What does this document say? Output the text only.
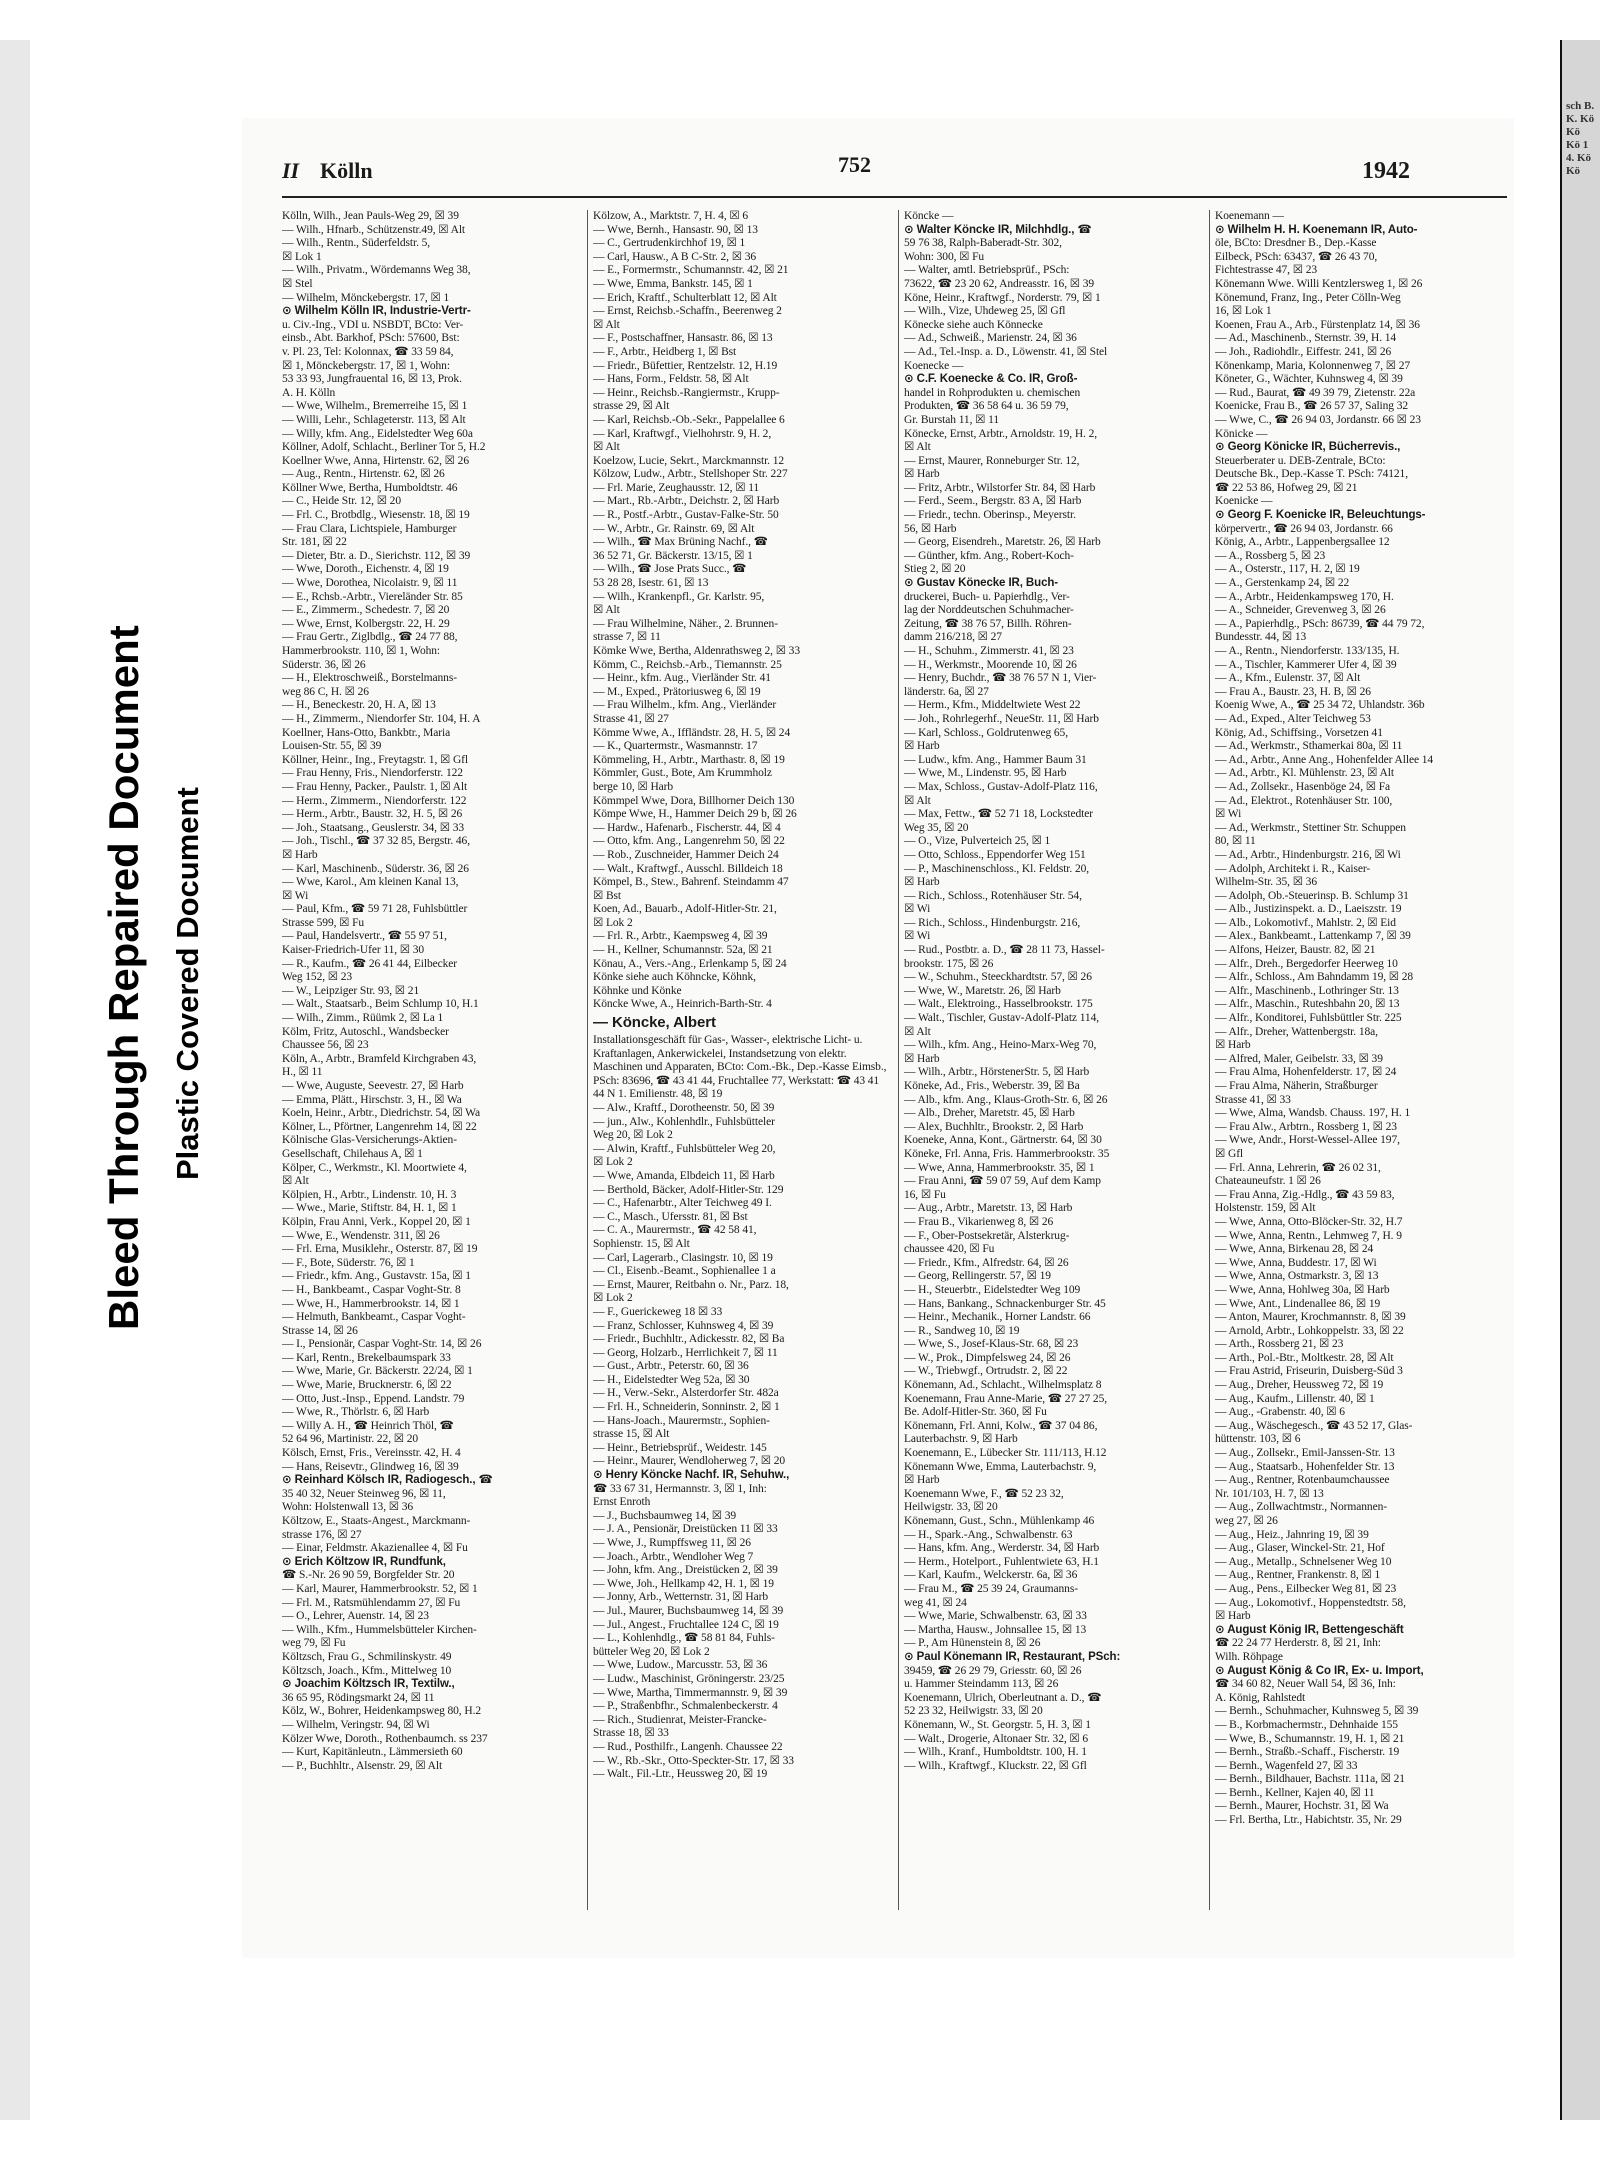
sch B. K. Kö Kö Kö 1 4. Kö Kö
Bleed Through Repaired Document Plastic Covered Document
II Kölln	752	1942
Kölln, Wilh., Jean Pauls-Weg 29, ☒ 39
— Wilh., Hfnarb., Schützenstr.49, ☒ Alt
— Wilh., Rentn., Süderfeldstr. 5,
☒ Lok 1
— Wilh., Privatm., Wördemanns Weg 38,
☒ Stel
— Wilhelm, Mönckebergstr. 17, ☒ 1
⊙ Wilhelm Kölln IR, Industrie-Vertr-
u. Civ.-Ing., VDI u. NSBDT, BCto: Ver-
einsb., Abt. Barkhof, PSch: 57600, Bst:
v. Pl. 23, Tel: Kolonnax, ☎ 33 59 84,
☒ 1, Mönckebergstr. 17, ☒ 1, Wohn:
53 33 93, Jungfrauental 16, ☒ 13, Prok.
A. H. Kölln
— Wwe, Wilhelm., Bremerreihe 15, ☒ 1
— Willi, Lehr., Schlageterstr. 113, ☒ Alt
— Willy, kfm. Ang., Eidelstedter Weg 60a
Köllner, Adolf, Schlacht., Berliner Tor 5, H.2
Koellner Wwe, Anna, Hirtenstr. 62, ☒ 26
— Aug., Rentn., Hirtenstr. 62, ☒ 26
Köllner Wwe, Bertha, Humboldtstr. 46
— C., Heide Str. 12, ☒ 20
— Frl. C., Brotbdlg., Wiesenstr. 18, ☒ 19
— Frau Clara, Lichtspiele, Hamburger
Str. 181, ☒ 22
— Dieter, Btr. a. D., Sierichstr. 112, ☒ 39
— Wwe, Doroth., Eichenstr. 4, ☒ 19
— Wwe, Dorothea, Nicolaistr. 9, ☒ 11
— E., Rchsb.-Arbtr., Viereländer Str. 85
— E., Zimmerm., Schedestr. 7, ☒ 20
— Wwe, Ernst, Kolbergstr. 22, H. 29
— Frau Gertr., Ziglbdlg., ☎ 24 77 88,
Hammerbrookstr. 110, ☒ 1, Wohn:
Süderstr. 36, ☒ 26
— H., Elektroschweiß., Borstelmanns-
weg 86 C, H. ☒ 26
— H., Beneckestr. 20, H. A, ☒ 13
— H., Zimmerm., Niendorfer Str. 104, H. A
Koellner, Hans-Otto, Bankbtr., Maria
Louisen-Str. 55, ☒ 39
Köllner, Heinr., Ing., Freytagstr. 1, ☒ Gfl
— Frau Henny, Fris., Niendorferstr. 122
— Frau Henny, Packer., Paulstr. 1, ☒ Alt
— Herm., Zimmerm., Niendorferstr. 122
— Herm., Arbtr., Baustr. 32, H. 5, ☒ 26
— Joh., Staatsang., Geuslerstr. 34, ☒ 33
— Joh., Tischl., ☎ 37 32 85, Bergstr. 46,
☒ Harb
— Karl, Maschinenb., Süderstr. 36, ☒ 26
— Wwe, Karol., Am kleinen Kanal 13,
☒ Wi
— Paul, Kfm., ☎ 59 71 28, Fuhlsbüttler
Strasse 599, ☒ Fu
— Paul, Handelsvertr., ☎ 55 97 51,
Kaiser-Friedrich-Ufer 11, ☒ 30
— R., Kaufm., ☎ 26 41 44, Eilbecker
Weg 152, ☒ 23
— W., Leipziger Str. 93, ☒ 21
— Walt., Staatsarb., Beim Schlump 10, H.1
— Wilh., Zimm., Rüümk 2, ☒ La 1
Kölm, Fritz, Autoschl., Wandsbecker
Chaussee 56, ☒ 23
Köln, A., Arbtr., Bramfeld Kirchgraben 43,
H., ☒ 11
— Wwe, Auguste, Seevestr. 27, ☒ Harb
— Emma, Plätt., Hirschstr. 3, H., ☒ Wa
Koeln, Heinr., Arbtr., Diedrichstr. 54, ☒ Wa
Kölner, L., Pförtner, Langenrehm 14, ☒ 22
Kölnische Glas-Versicherungs-Aktien-
Gesellschaft, Chilehaus A, ☒ 1
Kölper, C., Werkmstr., Kl. Moortwiete 4,
☒ Alt
Kölpien, H., Arbtr., Lindenstr. 10, H. 3
— Wwe., Marie, Stiftstr. 84, H. 1, ☒ 1
Kölpin, Frau Anni, Verk., Koppel 20, ☒ 1
— Wwe, E., Wendenstr. 311, ☒ 26
— Frl. Erna, Musiklehr., Osterstr. 87, ☒ 19
— F., Bote, Süderstr. 76, ☒ 1
— Friedr., kfm. Ang., Gustavstr. 15a, ☒ 1
— H., Bankbeamt., Caspar Voght-Str. 8
— Wwe, H., Hammerbrookstr. 14, ☒ 1
— Helmuth, Bankbeamt., Caspar Voght-
Strasse 14, ☒ 26
— I., Pensionär, Caspar Voght-Str. 14, ☒ 26
— Karl, Rentn., Brekelbaumspark 33
— Wwe, Marie, Gr. Bäckerstr. 22/24, ☒ 1
— Wwe, Marie, Brucknerstr. 6, ☒ 22
— Otto, Just.-Insp., Eppend. Landstr. 79
— Wwe, R., Thörlstr. 6, ☒ Harb
— Willy A. H., ☎ Heinrich Thöl, ☎
52 64 96, Martinistr. 22, ☒ 20
Kölsch, Ernst, Fris., Vereinsstr. 42, H. 4
— Hans, Reisevtr., Glindweg 16, ☒ 39
⊙ Reinhard Kölsch IR, Radiogesch., ☎
35 40 32, Neuer Steinweg 96, ☒ 11,
Wohn: Holstenwall 13, ☒ 36
Költzow, E., Staats-Angest., Marckmann-
strasse 176, ☒ 27
— Einar, Feldmstr. Akazienallee 4, ☒ Fu
⊙ Erich Költzow IR, Rundfunk,
☎ S.-Nr. 26 90 59, Borgfelder Str. 20
— Karl, Maurer, Hammerbrookstr. 52, ☒ 1
— Frl. M., Ratsmühlendamm 27, ☒ Fu
— O., Lehrer, Auenstr. 14, ☒ 23
— Wilh., Kfm., Hummelsbütteler Kirchen-
weg 79, ☒ Fu
Költzsch, Frau G., Schmilinskystr. 49
Költzsch, Joach., Kfm., Mittelweg 10
⊙ Joachim Költzsch IR, Textilw.,
36 65 95, Rödingsmarkt 24, ☒ 11
Kölz, W., Bohrer, Heidenkampsweg 80, H.2
— Wilhelm, Veringstr. 94, ☒ Wi
Kölzer Wwe, Doroth., Rothenbaumch. ss 237
— Kurt, Kapitänleutn., Lämmersieth 60
— P., Buchhltr., Alsenstr. 29, ☒ Alt
Kölzow, A., Marktstr. 7, H. 4, ☒ 6
— Wwe, Bernh., Hansastr. 90, ☒ 13
— C., Gertrudenkirchhof 19, ☒ 1
— Carl, Hausw., A B C-Str. 2, ☒ 36
— E., Formermstr., Schumannstr. 42, ☒ 21
— Wwe, Emma, Bankstr. 145, ☒ 1
— Erich, Kraftf., Schulterblatt 12, ☒ Alt
— Ernst, Reichsb.-Schaffn., Beerenweg 2
☒ Alt
— F., Postschaffner, Hansastr. 86, ☒ 13
— F., Arbtr., Heidberg 1, ☒ Bst
— Friedr., Büfettier, Rentzelstr. 12, H.19
— Hans, Form., Feldstr. 58, ☒ Alt
— Heinr., Reichsb.-Rangiermstr., Krupp-
strasse 29, ☒ Alt
— Karl, Reichsb.-Ob.-Sekr., Pappelallee 6
— Karl, Kraftwgf., Vielhohrstr. 9, H. 2,
☒ Alt
Koelzow, Lucie, Sekrt., Marckmannstr. 12
Kölzow, Ludw., Arbtr., Stellshoper Str. 227
— Frl. Marie, Zeughausstr. 12, ☒ 11
— Mart., Rb.-Arbtr., Deichstr. 2, ☒ Harb
— R., Postf.-Arbtr., Gustav-Falke-Str. 50
— W., Arbtr., Gr. Rainstr. 69, ☒ Alt
— Wilh., ☎ Max Brüning Nachf., ☎
36 52 71, Gr. Bäckerstr. 13/15, ☒ 1
— Wilh., ☎ Jose Prats Succ., ☎
53 28 28, Isestr. 61, ☒ 13
— Wilh., Krankenpfl., Gr. Karlstr. 95,
☒ Alt
— Frau Wilhelmine, Näher., 2. Brunnen-
strasse 7, ☒ 11
Kömke Wwe, Bertha, Aldenrathsweg 2, ☒ 33
Kömm, C., Reichsb.-Arb., Tiemannstr. 25
— Heinr., kfm. Aug., Vierländer Str. 41
— M., Exped., Prätoriusweg 6, ☒ 19
— Frau Wilhelm., kfm. Ang., Vierländer
Strasse 41, ☒ 27
Kömme Wwe, A., Iffländstr. 28, H. 5, ☒ 24
— K., Quartermstr., Wasmannstr. 17
Kömmeling, H., Arbtr., Marthastr. 8, ☒ 19
Kömmler, Gust., Bote, Am Krummholz
berge 10, ☒ Harb
Kömmpel Wwe, Dora, Billhorner Deich 130
Kömpe Wwe, H., Hammer Deich 29 b, ☒ 26
— Hardw., Hafenarb., Fischerstr. 44, ☒ 4
— Otto, kfm. Ang., Langenrehm 50, ☒ 22
— Rob., Zuschneider, Hammer Deich 24
— Walt., Kraftwgf., Ausschl. Billdeich 18
Kömpel, B., Stew., Bahrenf. Steindamm 47
☒ Bst
Koen, Ad., Bauarb., Adolf-Hitler-Str. 21,
☒ Lok 2
— Frl. R., Arbtr., Kaempsweg 4, ☒ 39
— H., Kellner, Schumannstr. 52a, ☒ 21
Könau, A., Vers.-Ang., Erlenkamp 5, ☒ 24
Könke siehe auch Köhncke, Köhnk,
Köhnke und Könke
Köncke Wwe, A., Heinrich-Barth-Str. 4
— Köncke, Albert
Installationsgeschäft für Gas-, Wasser-, elektrische Licht- u. Kraftanlagen, Ankerwickelei, Instandsetzung von elektr. Maschinen und Apparaten, BCto: Com.-Bk., Dep.-Kasse Eimsb., PSch: 83696, ☎ 43 41 44, Fruchtallee 77, Werkstatt: ☎ 43 41 44 N 1. Emilienstr. 48, ☒ 19
— Alw., Kraftf., Dorotheenstr. 50, ☒ 39
— jun., Alw., Kohlenhdlr., Fuhlsbütteler
Weg 20, ☒ Lok 2
— Alwin, Kraftf., Fuhlsbütteler Weg 20,
☒ Lok 2
— Wwe, Amanda, Elbdeich 11, ☒ Harb
— Berthold, Bäcker, Adolf-Hitler-Str. 129
— C., Hafenarbtr., Alter Teichweg 49 I.
— C., Masch., Ufersstr. 81, ☒ Bst
— C. A., Maurermstr., ☎ 42 58 41,
Sophienstr. 15, ☒ Alt
— Carl, Lagerarb., Clasingstr. 10, ☒ 19
— Cl., Eisenb.-Beamt., Sophienallee 1 a
— Ernst, Maurer, Reitbahn o. Nr., Parz. 18,
☒ Lok 2
— F., Guerickeweg 18 ☒ 33
— Franz, Schlosser, Kuhnsweg 4, ☒ 39
— Friedr., Buchhltr., Adickesstr. 82, ☒ Ba
— Georg, Holzarb., Herrlichkeit 7, ☒ 11
— Gust., Arbtr., Peterstr. 60, ☒ 36
— H., Eidelstedter Weg 52a, ☒ 30
— H., Verw.-Sekr., Alsterdorfer Str. 482a
— Frl. H., Schneiderin, Sonninstr. 2, ☒ 1
— Hans-Joach., Maurermstr., Sophien-
strasse 15, ☒ Alt
— Heinr., Betriebsprüf., Weidestr. 145
— Heinr., Maurer, Wendloherweg 7, ☒ 20
⊙ Henry Köncke Nachf. IR, Sehuhw.,
☎ 33 67 31, Hermannstr. 3, ☒ 1, Inh:
Ernst Enroth
— J., Buchsbaumweg 14, ☒ 39
— J. A., Pensionär, Dreistücken 11 ☒ 33
— Wwe, J., Rumpffsweg 11, ☒ 26
— Joach., Arbtr., Wendloher Weg 7
— John, kfm. Ang., Dreistücken 2, ☒ 39
— Wwe, Joh., Hellkamp 42, H. 1, ☒ 19
— Jonny, Arb., Wetternstr. 31, ☒ Harb
— Jul., Maurer, Buchsbaumweg 14, ☒ 39
— Jul., Angest., Fruchtallee 124 C, ☒ 19
— L., Kohlenhdlg., ☎ 58 81 84, Fuhls-
bütteler Weg 20, ☒ Lok 2
— Wwe, Ludow., Marcusstr. 53, ☒ 36
— Ludw., Maschinist, Gröningerstr. 23/25
— Wwe, Martha, Timmermannstr. 9, ☒ 39
— P., Straßenbfhr., Schmalenbeckerstr. 4
— Rich., Studienrat, Meister-Francke-
Strasse 18, ☒ 33
— Rud., Posthilfr., Langenh. Chaussee 22
— W., Rb.-Skr., Otto-Speckter-Str. 17, ☒ 33
— Walt., Fil.-Ltr., Heussweg 20, ☒ 19
Köncke —
⊙ Walter Köncke IR, Milchhdlg., ☎
59 76 38, Ralph-Baberadt-Str. 302,
Wohn: 300, ☒ Fu
— Walter, amtl. Betriebsprüf., PSch:
73622, ☎ 23 20 62, Andreasstr. 16, ☒ 39
Köne, Heinr., Kraftwgf., Norderstr. 79, ☒ 1
— Wilh., Vize, Uhdeweg 25, ☒ Gfl
Könecke siehe auch Könnecke
— Ad., Schweiß., Marienstr. 24, ☒ 36
— Ad., Tel.-Insp. a. D., Löwenstr. 41, ☒ Stel
Koenecke —
⊙ C.F. Koenecke & Co. IR, Groß-
handel in Rohprodukten u. chemischen
Produkten, ☎ 36 58 64 u. 36 59 79,
Gr. Burstah 11, ☒ 11
Könecke, Ernst, Arbtr., Arnoldstr. 19, H. 2,
☒ Alt
— Ernst, Maurer, Ronneburger Str. 12,
☒ Harb
— Fritz, Arbtr., Wilstorfer Str. 84, ☒ Harb
— Ferd., Seem., Bergstr. 83 A, ☒ Harb
— Friedr., techn. Oberinsp., Meyerstr.
56, ☒ Harb
— Georg, Eisendreh., Maretstr. 26, ☒ Harb
— Günther, kfm. Ang., Robert-Koch-
Stieg 2, ☒ 20
⊙ Gustav Könecke IR, Buch-
druckerei, Buch- u. Papierhdlg., Ver-
lag der Norddeutschen Schuhmacher-
Zeitung, ☎ 38 76 57, Billh. Röhren-
damm 216/218, ☒ 27
— H., Schuhm., Zimmerstr. 41, ☒ 23
— H., Werkmstr., Moorende 10, ☒ 26
— Henry, Buchdr., ☎ 38 76 57 N 1, Vier-
länderstr. 6a, ☒ 27
— Herm., Kfm., Middeltwiete West 22
— Joh., Rohrlegerhf., NeueStr. 11, ☒ Harb
— Karl, Schloss., Goldrutenweg 65,
☒ Harb
— Ludw., kfm. Ang., Hammer Baum 31
— Wwe, M., Lindenstr. 95, ☒ Harb
— Max, Schloss., Gustav-Adolf-Platz 116,
☒ Alt
— Max, Fettw., ☎ 52 71 18, Lockstedter
Weg 35, ☒ 20
— O., Vize, Pulverteich 25, ☒ 1
— Otto, Schloss., Eppendorfer Weg 151
— P., Maschinenschloss., Kl. Feldstr. 20,
☒ Harb
— Rich., Schloss., Rotenhäuser Str. 54,
☒ Wi
— Rich., Schloss., Hindenburgstr. 216,
☒ Wi
— Rud., Postbtr. a. D., ☎ 28 11 73, Hassel-
brookstr. 175, ☒ 26
— W., Schuhm., Steeckhardtstr. 57, ☒ 26
— Wwe, W., Maretstr. 26, ☒ Harb
— Walt., Elektroing., Hasselbrookstr. 175
— Walt., Tischler, Gustav-Adolf-Platz 114,
☒ Alt
— Wilh., kfm. Ang., Heino-Marx-Weg 70,
☒ Harb
— Wilh., Arbtr., HörstenerStr. 5, ☒ Harb
Köneke, Ad., Fris., Weberstr. 39, ☒ Ba
— Alb., kfm. Ang., Klaus-Groth-Str. 6, ☒ 26
— Alb., Dreher, Maretstr. 45, ☒ Harb
— Alex, Buchhltr., Brookstr. 2, ☒ Harb
Koeneke, Anna, Kont., Gärtnerstr. 64, ☒ 30
Köneke, Frl. Anna, Fris. Hammerbrookstr. 35
— Wwe, Anna, Hammerbrookstr. 35, ☒ 1
— Frau Anni, ☎ 59 07 59, Auf dem Kamp
16, ☒ Fu
— Aug., Arbtr., Maretstr. 13, ☒ Harb
— Frau B., Vikarienweg 8, ☒ 26
— F., Ober-Postsekretär, Alsterkrug-
chaussee 420, ☒ Fu
— Friedr., Kfm., Alfredstr. 64, ☒ 26
— Georg, Rellingerstr. 57, ☒ 19
— H., Steuerbtr., Eidelstedter Weg 109
— Hans, Bankang., Schnackenburger Str. 45
— Heinr., Mechanik., Horner Landstr. 66
— R., Sandweg 10, ☒ 19
— Wwe, S., Josef-Klaus-Str. 68, ☒ 23
— W., Prok., Dimpfelsweg 24, ☒ 26
— W., Triebwgf., Ortrudstr. 2, ☒ 22
Könemann, Ad., Schlacht., Wilhelmsplatz 8
Koenemann, Frau Anne-Marie, ☎ 27 27 25,
Be. Adolf-Hitler-Str. 360, ☒ Fu
Könemann, Frl. Anni, Kolw., ☎ 37 04 86,
Lauterbachstr. 9, ☒ Harb
Koenemann, E., Lübecker Str. 111/113, H.12
Könemann Wwe, Emma, Lauterbachstr. 9,
☒ Harb
Koenemann Wwe, F., ☎ 52 23 32,
Heilwigstr. 33, ☒ 20
Könemann, Gust., Schn., Mühlenkamp 46
— H., Spark.-Ang., Schwalbenstr. 63
— Hans, kfm. Ang., Werderstr. 34, ☒ Harb
— Herm., Hotelport., Fuhlentwiete 63, H.1
— Karl, Kaufm., Welckerstr. 6a, ☒ 36
— Frau M., ☎ 25 39 24, Graumanns-
weg 41, ☒ 24
— Wwe, Marie, Schwalbenstr. 63, ☒ 33
— Martha, Hausw., Johnsallee 15, ☒ 13
— P., Am Hünenstein 8, ☒ 26
⊙ Paul Könemann IR, Restaurant, PSch:
39459, ☎ 26 29 79, Griesstr. 60, ☒ 26
u. Hammer Steindamm 113, ☒ 26
Koenemann, Ulrich, Oberleutnant a. D., ☎
52 23 32, Heilwigstr. 33, ☒ 20
Könemann, W., St. Georgstr. 5, H. 3, ☒ 1
— Walt., Drogerie, Altonaer Str. 32, ☒ 6
— Wilh., Kranf., Humboldtstr. 100, H. 1
— Wilh., Kraftwgf., Kluckstr. 22, ☒ Gfl
Koenemann —
⊙ Wilhelm H. H. Koenemann IR, Auto-
öle, BCto: Dresdner B., Dep.-Kasse
Eilbeck, PSch: 63437, ☎ 26 43 70,
Fichtestrasse 47, ☒ 23
Könemann Wwe. Willi Kentzlersweg 1, ☒ 26
Könemund, Franz, Ing., Peter Cölln-Weg
16, ☒ Lok 1
Koenen, Frau A., Arb., Fürstenplatz 14, ☒ 36
— Ad., Maschinenb., Sternstr. 39, H. 14
— Joh., Radiohdlr., Eiffestr. 241, ☒ 26
Könenkamp, Maria, Kolonnenweg 7, ☒ 27
Köneter, G., Wächter, Kuhnsweg 4, ☒ 39
— Rud., Baurat, ☎ 49 39 79, Zietenstr. 22a
Koenicke, Frau B., ☎ 26 57 37, Saling 32
— Wwe, C., ☎ 26 94 03, Jordanstr. 66 ☒ 23
Könicke —
⊙ Georg Könicke IR, Bücherrevis.,
Steuerberater u. DEB-Zentrale, BCto:
Deutsche Bk., Dep.-Kasse T. PSch: 74121,
☎ 22 53 86, Hofweg 29, ☒ 21
Koenicke —
⊙ Georg F. Koenicke IR, Beleuchtungs-
körpervertr., ☎ 26 94 03, Jordanstr. 66
König, A., Arbtr., Lappenbergsallee 12
— A., Rossberg 5, ☒ 23
— A., Osterstr., 117, H. 2, ☒ 19
— A., Gerstenkamp 24, ☒ 22
— A., Arbtr., Heidenkampsweg 170, H.
— A., Schneider, Grevenweg 3, ☒ 26
— A., Papierhdlg., PSch: 86739, ☎ 44 79 72,
Bundesstr. 44, ☒ 13
— A., Rentn., Niendorferstr. 133/135, H.
— A., Tischler, Kammerer Ufer 4, ☒ 39
— A., Kfm., Eulenstr. 37, ☒ Alt
— Frau A., Baustr. 23, H. B, ☒ 26
Koenig Wwe, A., ☎ 25 34 72, Uhlandstr. 36b
— Ad., Exped., Alter Teichweg 53
König, Ad., Schiffsing., Vorsetzen 41
— Ad., Werkmstr., Sthamerkai 80a, ☒ 11
— Ad., Arbtr., Anne Ang., Hohenfelder Allee 14
— Ad., Arbtr., Kl. Mühlenstr. 23, ☒ Alt
— Ad., Zollsekr., Hasenböge 24, ☒ Fa
— Ad., Elektrot., Rotenhäuser Str. 100,
☒ Wi
— Ad., Werkmstr., Stettiner Str. Schuppen
80, ☒ 11
— Ad., Arbtr., Hindenburgstr. 216, ☒ Wi
— Adolph, Architekt i. R., Kaiser-
Wilhelm-Str. 35, ☒ 36
— Adolph, Ob.-Steuerinsp. B. Schlump 31
— Alb., Justizinspekt. a. D., Laeiszstr. 19
— Alb., Lokomotivf., Mahlstr. 2, ☒ Eid
— Alex., Bankbeamt., Lattenkamp 7, ☒ 39
— Alfons, Heizer, Baustr. 82, ☒ 21
— Alfr., Dreh., Bergedorfer Heerweg 10
— Alfr., Schloss., Am Bahndamm 19, ☒ 28
— Alfr., Maschinenb., Lothringer Str. 13
— Alfr., Maschin., Ruteshbahn 20, ☒ 13
— Alfr., Konditorei, Fuhlsbüttler Str. 225
— Alfr., Dreher, Wattenbergstr. 18a,
☒ Harb
— Alfred, Maler, Geibelstr. 33, ☒ 39
— Frau Alma, Hohenfelderstr. 17, ☒ 24
— Frau Alma, Näherin, Straßburger
Strasse 41, ☒ 33
— Wwe, Alma, Wandsb. Chauss. 197, H. 1
— Frau Alw., Arbtrn., Rossberg 1, ☒ 23
— Wwe, Andr., Horst-Wessel-Allee 197,
☒ Gfl
— Frl. Anna, Lehrerin, ☎ 26 02 31,
Chateauneufstr. 1 ☒ 26
— Frau Anna, Zig.-Hdlg., ☎ 43 59 83,
Holstenstr. 159, ☒ Alt
— Wwe, Anna, Otto-Blöcker-Str. 32, H.7
— Wwe, Anna, Rentn., Lehmweg 7, H. 9
— Wwe, Anna, Birkenau 28, ☒ 24
— Wwe, Anna, Buddestr. 17, ☒ Wi
— Wwe, Anna, Ostmarkstr. 3, ☒ 13
— Wwe, Anna, Hohlweg 30a, ☒ Harb
— Wwe, Ant., Lindenallee 86, ☒ 19
— Anton, Maurer, Krochmannstr. 8, ☒ 39
— Arnold, Arbtr., Lohkoppelstr. 33, ☒ 22
— Arth., Rossberg 21, ☒ 23
— Arth., Pol.-Btr., Moltkestr. 28, ☒ Alt
— Frau Astrid, Friseurin, Duisberg-Süd 3
— Aug., Dreher, Heussweg 72, ☒ 19
— Aug., Kaufm., Lillenstr. 40, ☒ 1
— Aug., -Grabenstr. 40, ☒ 6
— Aug., Wäschegesch., ☎ 43 52 17, Glas-
hüttenstr. 103, ☒ 6
— Aug., Zollsekr., Emil-Janssen-Str. 13
— Aug., Staatsarb., Hohenfelder Str. 13
— Aug., Rentner, Rotenbaumchaussee
Nr. 101/103, H. 7, ☒ 13
— Aug., Zollwachtmstr., Normannen-
weg 27, ☒ 26
— Aug., Heiz., Jahnring 19, ☒ 39
— Aug., Glaser, Winckel-Str. 21, Hof
— Aug., Metallp., Schnelsener Weg 10
— Aug., Rentner, Frankenstr. 8, ☒ 1
— Aug., Pens., Eilbecker Weg 81, ☒ 23
— Aug., Lokomotivf., Hoppenstedtstr. 58,
☒ Harb
⊙ August König IR, Bettengeschäft
☎ 22 24 77 Herderstr. 8, ☒ 21, Inh:
Wilh. Röhpage
⊙ August König & Co IR, Ex- u. Import,
☎ 34 60 82, Neuer Wall 54, ☒ 36, Inh:
A. König, Rahlstedt
— Bernh., Schuhmacher, Kuhnsweg 5, ☒ 39
— B., Korbmachermstr., Dehnhaide 155
— Wwe, B., Schumannstr. 19, H. 1, ☒ 21
— Bernh., Straßb.-Schaff., Fischerstr. 19
— Bernh., Wagenfeld 27, ☒ 33
— Bernh., Bildhauer, Bachstr. 111a, ☒ 21
— Bernh., Kellner, Kajen 40, ☒ 11
— Bernh., Maurer, Hochstr. 31, ☒ Wa
— Frl. Bertha, Ltr., Habichtstr. 35, Nr. 29
